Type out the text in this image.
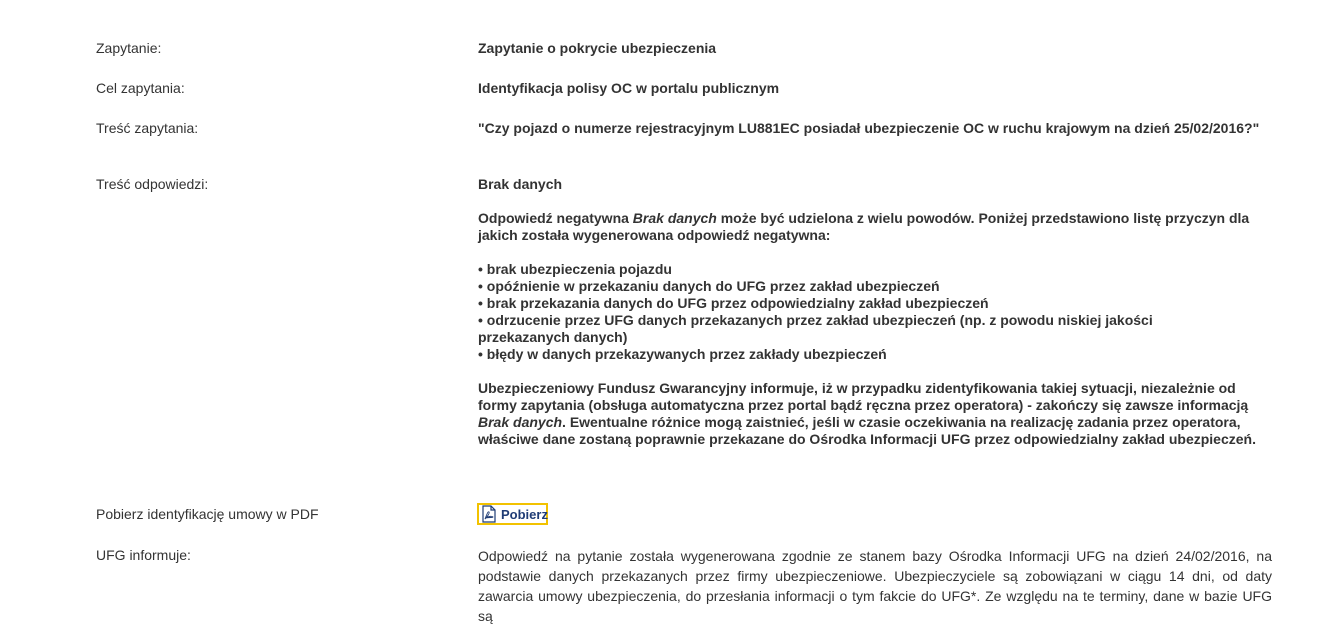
Zapytanie:	Zapytanie o pokrycie ubezpieczenia
Cel zapytania:	Identyfikacja polisy OC w portalu publicznym
Treść zapytania:	"Czy pojazd o numerze rejestracyjnym LU881EC posiadał ubezpieczenie OC w ruchu krajowym na dzień 25/02/2016?"
Treść odpowiedzi:	Brak danych

Odpowiedź negatywna Brak danych może być udzielona z wielu powodów. Poniżej przedstawiono listę przyczyn dla jakich została wygenerowana odpowiedź negatywna:

• brak ubezpieczenia pojazdu
• opóźnienie w przekazaniu danych do UFG przez zakład ubezpieczeń
• brak przekazania danych do UFG przez odpowiedzialny zakład ubezpieczeń
• odrzucenie przez UFG danych przekazanych przez zakład ubezpieczeń (np. z powodu niskiej jakości przekazanych danych)
• błędy w danych przekazywanych przez zakłady ubezpieczeń

Ubezpieczeniowy Fundusz Gwarancyjny informuje, iż w przypadku zidentyfikowania takiej sytuacji, niezależnie od formy zapytania (obsługa automatyczna przez portal bądź ręczna przez operatora) - zakończy się zawsze informacją Brak danych. Ewentualne różnice mogą zaistnieć, jeśli w czasie oczekiwania na realizację zadania przez operatora, właściwe dane zostaną poprawnie przekazane do Ośrodka Informacji UFG przez odpowiedzialny zakład ubezpieczeń.

Pobierz identyfikację umowy w PDF	Pobierz
UFG informuje:	Odpowiedź na pytanie została wygenerowana zgodnie ze stanem bazy Ośrodka Informacji UFG na dzień 24/02/2016, na podstawie danych przekazanych przez firmy ubezpieczeniowe. Ubezpieczyciele są zobowiązani w ciągu 14 dni, od daty zawarcia umowy ubezpieczenia, do przesłania informacji o tym fakcie do UFG*. Ze względu na te terminy, dane w bazie UFG są
